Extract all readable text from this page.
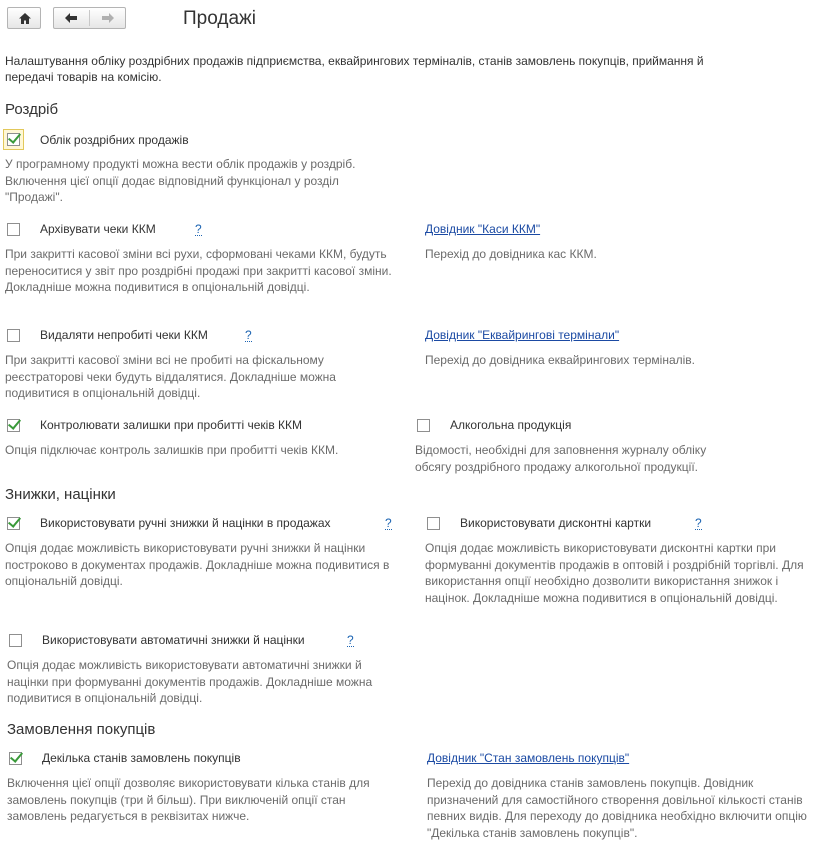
Продажі
Налаштування обліку роздрібних продажів підприємства, еквайрингових терміналів, станів замовлень покупців, приймання й передачі товарів на комісію.
Роздріб
Облік роздрібних продажів
У програмному продукті можна вести облік продажів у роздріб. Включення цієї опції додає відповідний функціонал у розділ "Продажі".
Архівувати чеки ККМ	?
При закритті касової зміни всі рухи, сформовані чеками ККМ, будуть переноситися у звіт про роздрібні продажі при закритті касової зміни. Докладніше можна подивитися в опціональній довідці.
Довідник "Каси ККМ"
Перехід до довідника кас ККМ.
Видаляти непробиті чеки ККМ	?
При закритті касової зміни всі не пробиті на фіскальному реєстраторові чеки будуть віддалятися. Докладніше можна подивитися в опціональній довідці.
Довідник "Еквайрингові термінали"
Перехід до довідника еквайрингових терміналів.
Контролювати залишки при пробитті чеків ККМ
Опція підключає контроль залишків при пробитті чеків ККМ.
Алкогольна продукція
Відомості, необхідні для заповнення журналу обліку обсягу роздрібного продажу алкогольної продукції.
Знижки, націнки
Використовувати ручні знижки й націнки в продажах	?
Опція додає можливість використовувати ручні знижки й націнки построково в документах продажів. Докладніше можна подивитися в опціональній довідці.
Використовувати дисконтні картки	?
Опція додає можливість використовувати дисконтні картки при формуванні документів продажів в оптовій і роздрібній торгівлі. Для використання опції необхідно дозволити використання знижок і націнок. Докладніше можна подивитися в опціональній довідці.
Використовувати автоматичні знижки й націнки	?
Опція додає можливість використовувати автоматичні знижки й націнки при формуванні документів продажів. Докладніше можна подивитися в опціональній довідці.
Замовлення покупців
Декілька станів замовлень покупців
Включення цієї опції дозволяє використовувати кілька станів для замовлень покупців (три й більш). При виключеній опції стан замовлень редагується в реквізитах нижче.
Довідник "Стан замовлень покупців"
Перехід до довідника станів замовлень покупців. Довідник призначений для самостійного створення довільної кількості станів певних видів. Для переходу до довідника необхідно включити опцію "Декілька станів замовлень покупців".
